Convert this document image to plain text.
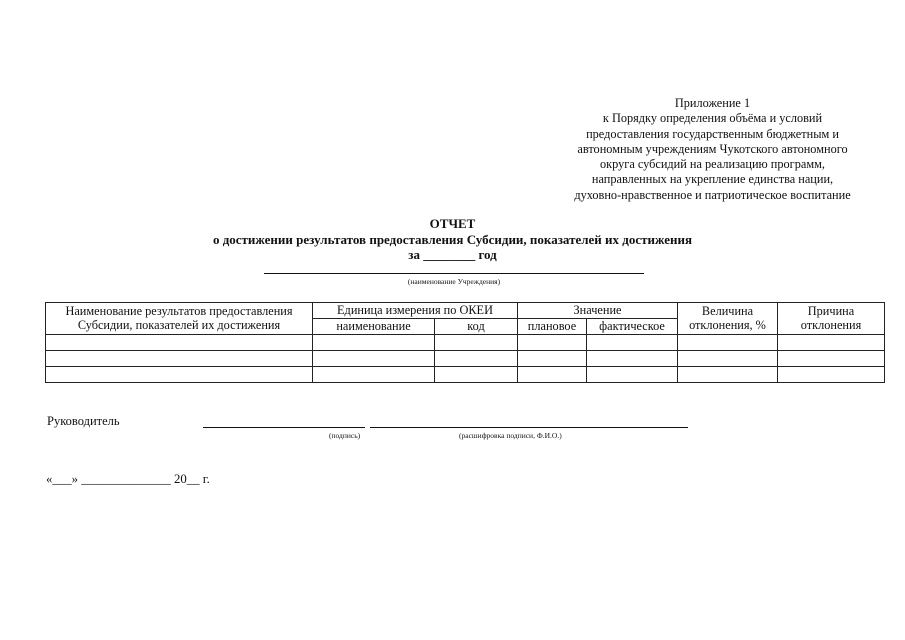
Приложение 1
к Порядку определения объёма и условий
предоставления государственным бюджетным и
автономным учреждениям Чукотского автономного
округа субсидий на реализацию программ,
направленных на укрепление единства нации,
духовно-нравственное и патриотическое воспитание
ОТЧЕТ
о достижении результатов предоставления Субсидии, показателей их достижения
за ________ год
(наименование Учреждения)
Наименование результатов предоставления Субсидии, показателей их достижения	Единица измерения по ОКЕИ		Значение		Величина отклонения, %	Причина отклонения
	наименование	код	плановое	фактическое		

Руководитель
(подпись)	(расшифровка подписи, Ф.И.О.)
«___» ______________ 20__ г.
